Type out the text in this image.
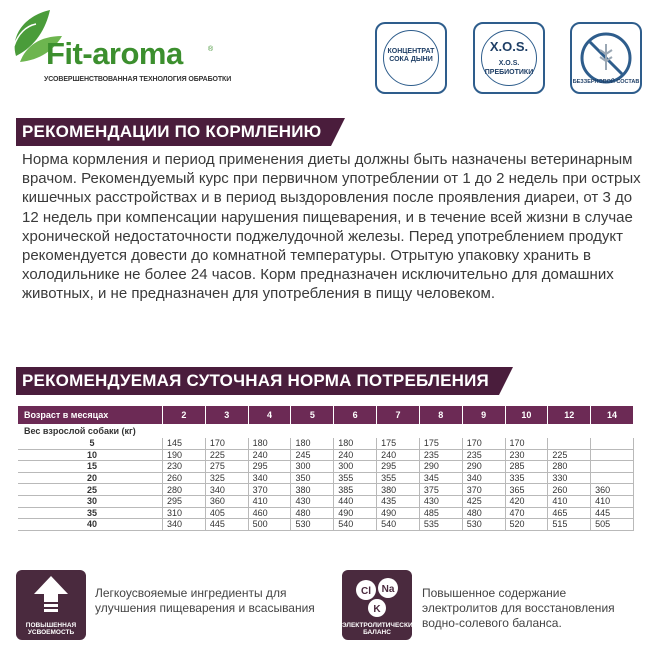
Fit-aroma	®
УСОВЕРШЕНСТВОВАННАЯ ТЕХНОЛОГИЯ ОБРАБОТКИ
КОНЦЕНТРАТ
СОКА ДЫНИ
X.O.S.
X.O.S.
ПРЕБИОТИКИ
БЕЗЗЕРНОВОЙ СОСТАВ
РЕКОМЕНДАЦИИ ПО КОРМЛЕНИЮ
Норма кормления и период применения диеты должны быть назначены ветеринарным врачом. Рекомендуемый курс при первичном употреблении от 1 до 2 недель при острых кишечных расстройствах и в период выздоровления после проявления диареи, от 3 до 12 недель при компенсации нарушения пищеварения, и в течение всей жизни в случае хронической недостаточности поджелудочной железы. Перед употреблением продукт рекомендуется довести до комнатной температуры. Отрытую упаковку хранить в холодильнике не более 24 часов. Корм предназначен исключительно для домашних животных, и не предназначен для употребления в пищу человеком.
РЕКОМЕНДУЕМАЯ СУТОЧНАЯ НОРМА ПОТРЕБЛЕНИЯ
Возраст в месяцах	2	3	4	5	6	7	8	9	10	12	14
Вес взрослой собаки (кг)											
5	145	170	180	180	180	175	175	170	170		
10	190	225	240	245	240	240	235	235	230	225	
15	230	275	295	300	300	295	290	290	285	280	
20	260	325	340	350	355	355	345	340	335	330	
25	280	340	370	380	385	380	375	370	365	260	360
30	295	360	410	430	440	435	430	425	420	410	410
35	310	405	460	480	490	490	485	480	470	465	445
40	340	445	500	530	540	540	535	530	520	515	505
ПОВЫШЕННАЯ УСВОЕМОСТЬ
Легкоусвояемые ингредиенты для улучшения пищеварения и всасывания
Cl Na
K
ЭЛЕКТРОЛИТИЧЕСКИЙ БАЛАНС
Повышенное содержание электролитов для восстановления водно-солевого баланса.
